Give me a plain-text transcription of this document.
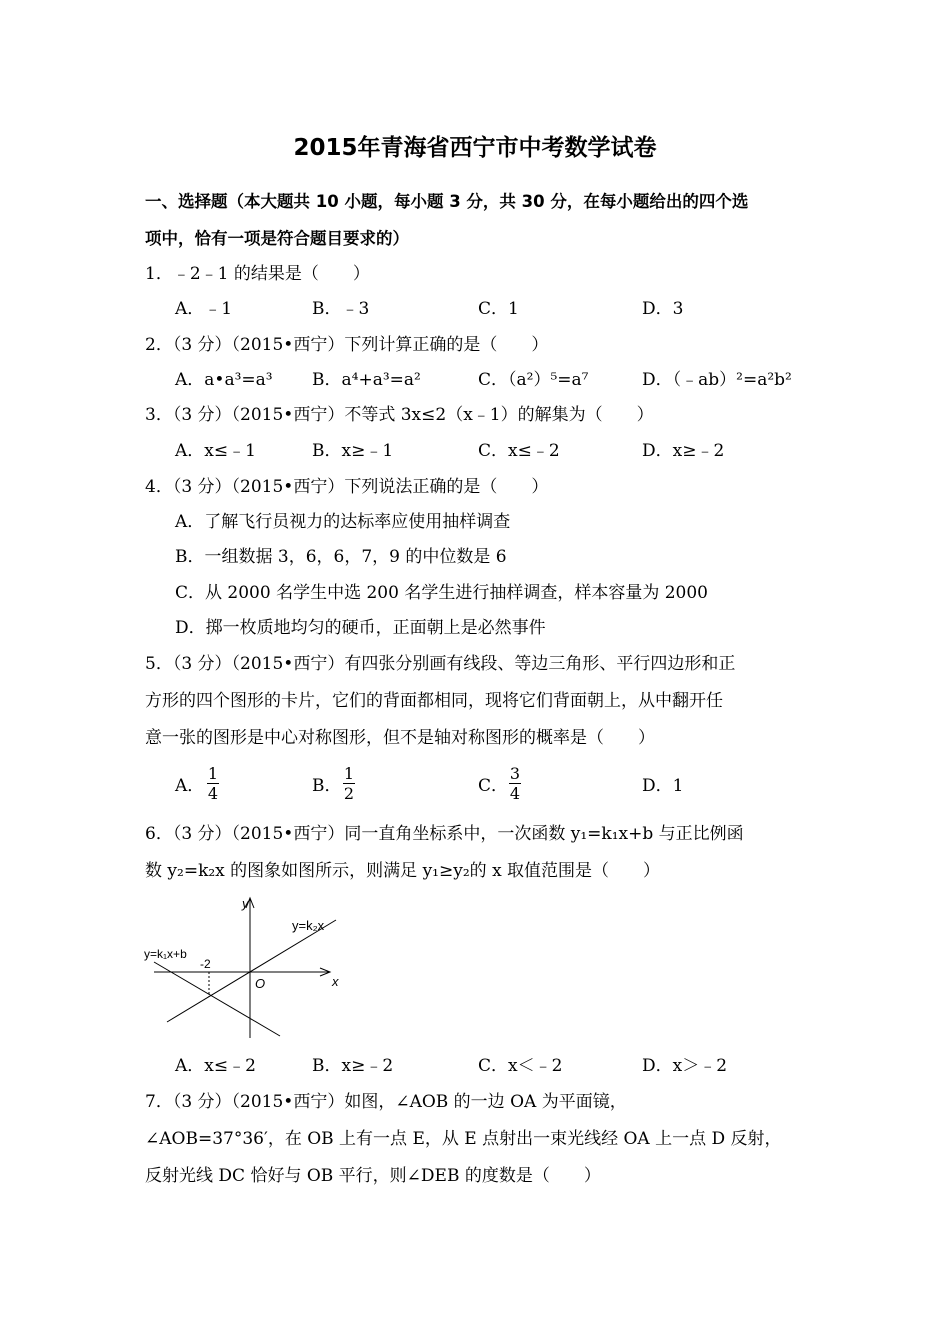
2015年青海省西宁市中考数学试卷
一、选择题（本大题共 10 小题，每小题 3 分，共 30 分，在每小题给出的四个选
项中，恰有一项是符合题目要求的）
1．﹣2﹣1 的结果是（　　）
A．﹣1	B．﹣3	C．1	D．3
2．（3 分）（2015•西宁）下列计算正确的是（　　）
A．a•a³=a³ B．a⁴+a³=a²	C．（a²）⁵=a⁷	D．（﹣ab）²=a²b²
3．（3 分）（2015•西宁）不等式 3x≤2（x﹣1）的解集为（　　）
A．x≤﹣1	B．x≥﹣1	C．x≤﹣2	D．x≥﹣2
4．（3 分）（2015•西宁）下列说法正确的是（　　）
A．了解飞行员视力的达标率应使用抽样调查
B．一组数据 3，6，6，7，9 的中位数是 6
C．从 2000 名学生中选 200 名学生进行抽样调查，样本容量为 2000
D．掷一枚质地均匀的硬币，正面朝上是必然事件
5．（3 分）（2015•西宁）有四张分别画有线段、等边三角形、平行四边形和正
方形的四个图形的卡片，它们的背面都相同，现将它们背面朝上，从中翻开任
意一张的图形是中心对称图形，但不是轴对称图形的概率是（　　）
A．
1
4	B．
1
2	C．
3
4	D．1
6．（3 分）（2015•西宁）同一直角坐标系中，一次函数 y₁=k₁x+b 与正比例函
数 y₂=k₂x 的图象如图所示，则满足 y₁≥y₂的 x 取值范围是（　　）
y
x
O
y=k₂x
y=k₁x+b
-2
A．x≤﹣2	B．x≥﹣2	C．x＜﹣2	D．x＞﹣2
7．（3 分）（2015•西宁）如图，∠AOB 的一边 OA 为平面镜，
∠AOB=37°36′，在 OB 上有一点 E，从 E 点射出一束光线经 OA 上一点 D 反射，
反射光线 DC 恰好与 OB 平行，则∠DEB 的度数是（　　）
